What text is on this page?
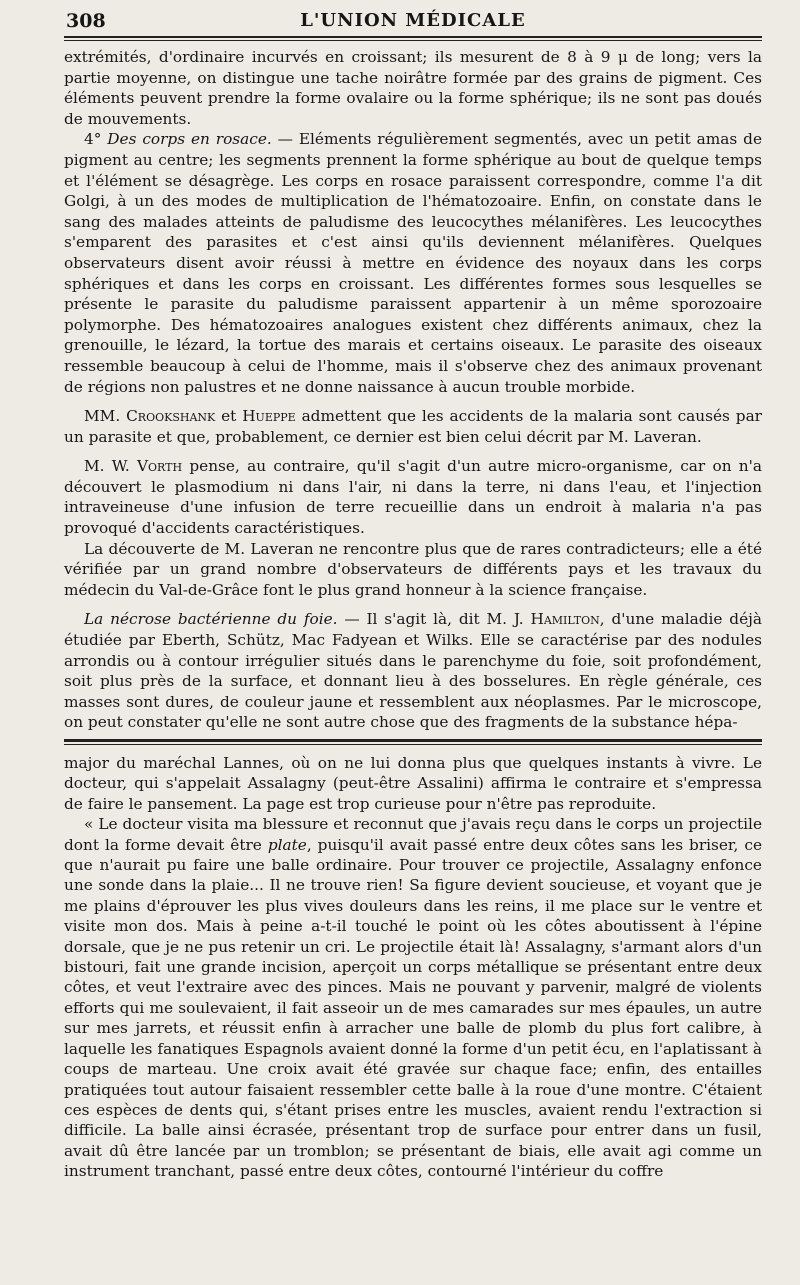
308	L'UNION MÉDICALE

extrémités, d'ordinaire incurvés en croissant; ils mesurent de 8 à 9 μ de long; vers la partie moyenne, on distingue une tache noirâtre formée par des grains de pigment. Ces éléments peuvent prendre la forme ovalaire ou la forme sphérique; ils ne sont pas doués de mouvements.

4° Des corps en rosace. — Eléments régulièrement segmentés, avec un petit amas de pigment au centre; les segments prennent la forme sphérique au bout de quelque temps et l'élément se désagrège. Les corps en rosace paraissent correspondre, comme l'a dit Golgi, à un des modes de multiplication de l'hématozoaire. Enfin, on constate dans le sang des malades atteints de paludisme des leucocythes mélanifères. Les leucocythes s'emparent des parasites et c'est ainsi qu'ils deviennent mélanifères. Quelques observateurs disent avoir réussi à mettre en évidence des noyaux dans les corps sphériques et dans les corps en croissant. Les différentes formes sous lesquelles se présente le parasite du paludisme paraissent appartenir à un même sporozoaire polymorphe. Des hématozoaires analogues existent chez différents animaux, chez la grenouille, le lézard, la tortue des marais et certains oiseaux. Le parasite des oiseaux ressemble beaucoup à celui de l'homme, mais il s'observe chez des animaux provenant de régions non palustres et ne donne naissance à aucun trouble morbide.

MM. Crookshank et Hueppe admettent que les accidents de la malaria sont causés par un parasite et que, probablement, ce dernier est bien celui décrit par M. Laveran.

M. W. Vorth pense, au contraire, qu'il s'agit d'un autre micro-organisme, car on n'a découvert le plasmodium ni dans l'air, ni dans la terre, ni dans l'eau, et l'injection intraveineuse d'une infusion de terre recueillie dans un endroit à malaria n'a pas provoqué d'accidents caractéristiques.

La découverte de M. Laveran ne rencontre plus que de rares contradicteurs; elle a été vérifiée par un grand nombre d'observateurs de différents pays et les travaux du médecin du Val-de-Grâce font le plus grand honneur à la science française.

La nécrose bactérienne du foie. — Il s'agit là, dit M. J. Hamilton, d'une maladie déjà étudiée par Eberth, Schütz, Mac Fadyean et Wilks. Elle se caractérise par des nodules arrondis ou à contour irrégulier situés dans le parenchyme du foie, soit profondément, soit plus près de la surface, et donnant lieu à des bosselures. En règle générale, ces masses sont dures, de couleur jaune et ressemblent aux néoplasmes. Par le microscope, on peut constater qu'elle ne sont autre chose que des fragments de la substance hépa-

major du maréchal Lannes, où on ne lui donna plus que quelques instants à vivre. Le docteur, qui s'appelait Assalagny (peut-être Assalini) affirma le contraire et s'empressa de faire le pansement. La page est trop curieuse pour n'être pas reproduite.

« Le docteur visita ma blessure et reconnut que j'avais reçu dans le corps un projectile dont la forme devait être plate, puisqu'il avait passé entre deux côtes sans les briser, ce que n'aurait pu faire une balle ordinaire. Pour trouver ce projectile, Assalagny enfonce une sonde dans la plaie... Il ne trouve rien! Sa figure devient soucieuse, et voyant que je me plains d'éprouver les plus vives douleurs dans les reins, il me place sur le ventre et visite mon dos. Mais à peine a-t-il touché le point où les côtes aboutissent à l'épine dorsale, que je ne pus retenir un cri. Le projectile était là! Assalagny, s'armant alors d'un bistouri, fait une grande incision, aperçoit un corps métallique se présentant entre deux côtes, et veut l'extraire avec des pinces. Mais ne pouvant y parvenir, malgré de violents efforts qui me soulevaient, il fait asseoir un de mes camarades sur mes épaules, un autre sur mes jarrets, et réussit enfin à arracher une balle de plomb du plus fort calibre, à laquelle les fanatiques Espagnols avaient donné la forme d'un petit écu, en l'aplatissant à coups de marteau. Une croix avait été gravée sur chaque face; enfin, des entailles pratiquées tout autour faisaient ressembler cette balle à la roue d'une montre. C'étaient ces espèces de dents qui, s'étant prises entre les muscles, avaient rendu l'extraction si difficile. La balle ainsi écrasée, présentant trop de surface pour entrer dans un fusil, avait dû être lancée par un tromblon; se présentant de biais, elle avait agi comme un instrument tranchant, passé entre deux côtes, contourné l'intérieur du coffre
